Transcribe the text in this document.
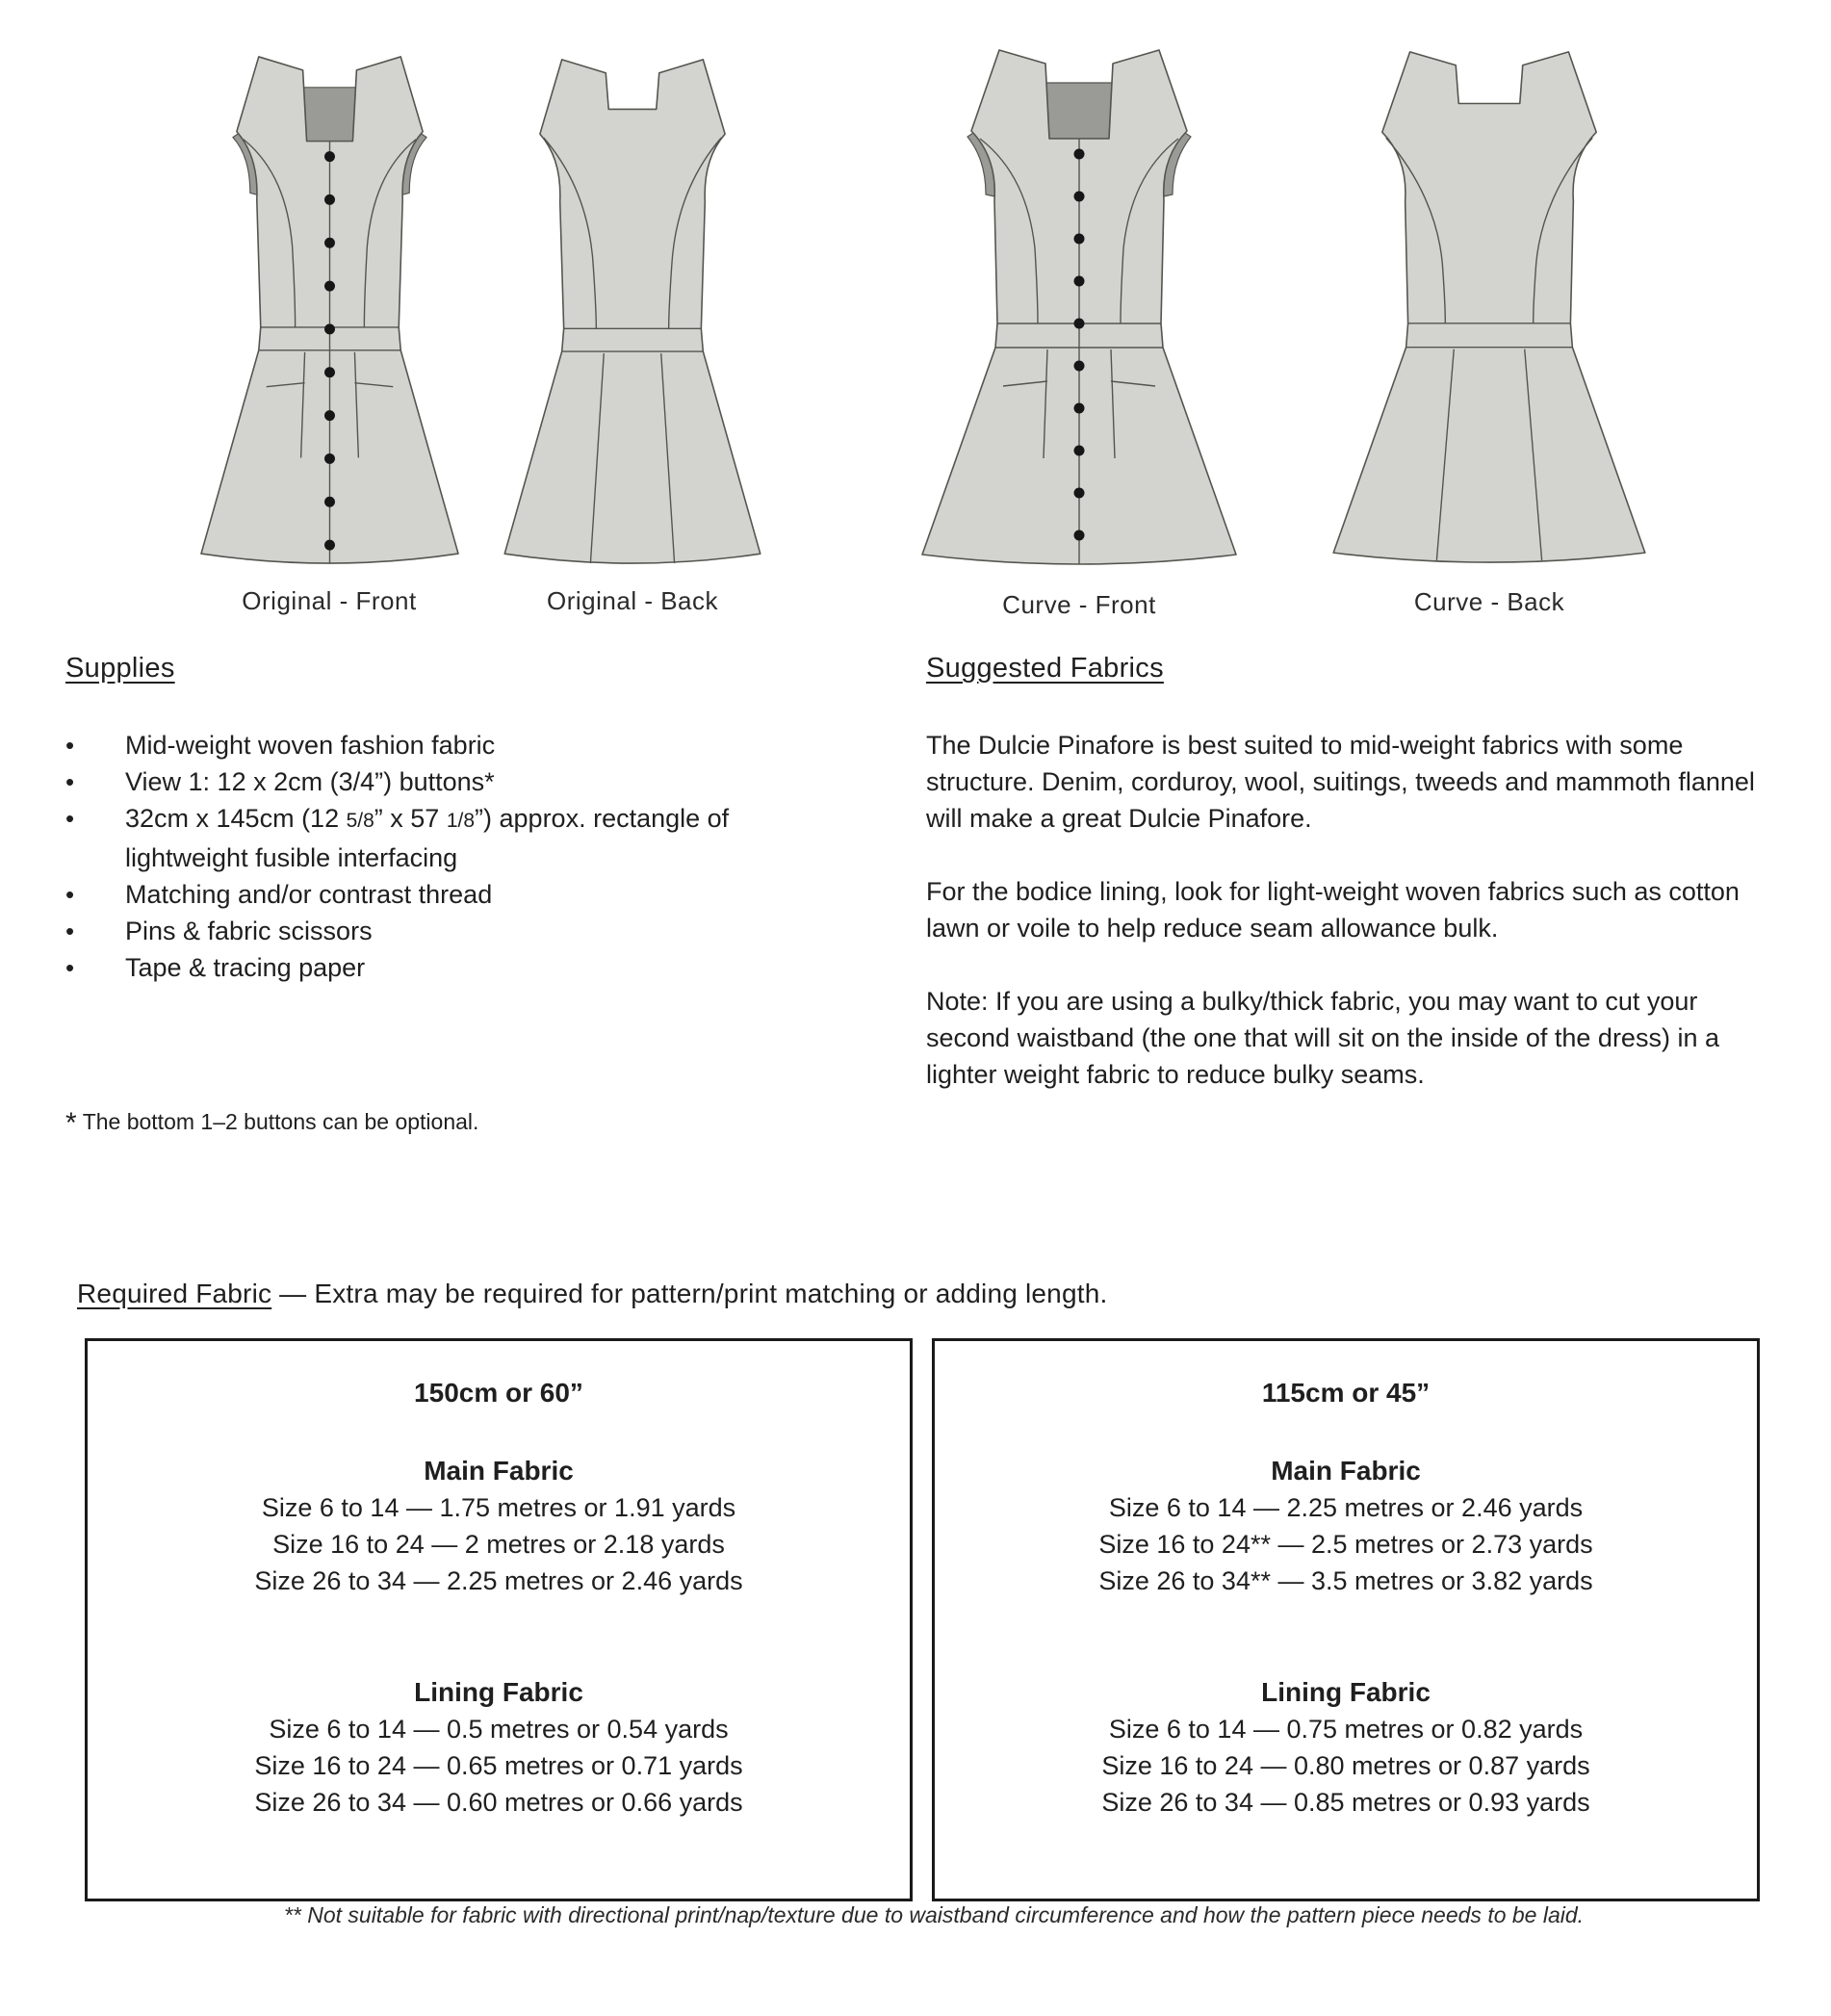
Original - Front	Original - Back	Curve - Front	Curve - Back
Supplies
•	Mid-weight woven fashion fabric
•	View 1: 12 x 2cm (3/4”) buttons*
•	32cm x 145cm (12 5/8” x 57 1/8”) approx. rectangle of lightweight fusible interfacing
•	Matching and/or contrast thread
•	Pins & fabric scissors
•	Tape & tracing paper
* The bottom 1–2 buttons can be optional.
Suggested Fabrics

The Dulcie Pinafore is best suited to mid-weight fabrics with some structure. Denim, corduroy, wool, suitings, tweeds and mammoth flannel will make a great Dulcie Pinafore.

For the bodice lining, look for light-weight woven fabrics such as cotton lawn or voile to help reduce seam allowance bulk.

Note: If you are using a bulky/thick fabric, you may want to cut your second waistband (the one that will sit on the inside of the dress) in a lighter weight fabric to reduce bulky seams.

Required Fabric — Extra may be required for pattern/print matching or adding length.
150cm or 60”
Main Fabric
Size 6 to 14 — 1.75 metres or 1.91 yards
Size 16 to 24 — 2 metres or 2.18 yards
Size 26 to 34 — 2.25 metres or 2.46 yards
Lining Fabric
Size 6 to 14 — 0.5 metres or 0.54 yards
Size 16 to 24 — 0.65 metres or 0.71 yards
Size 26 to 34 — 0.60 metres or 0.66 yards
115cm or 45”
Main Fabric
Size 6 to 14 — 2.25 metres or 2.46 yards
Size 16 to 24** — 2.5 metres or 2.73 yards
Size 26 to 34** — 3.5 metres or 3.82 yards
Lining Fabric
Size 6 to 14 — 0.75 metres or 0.82 yards
Size 16 to 24 — 0.80 metres or 0.87 yards
Size 26 to 34 — 0.85 metres or 0.93 yards
** Not suitable for fabric with directional print/nap/texture due to waistband circumference and how the pattern piece needs to be laid.
